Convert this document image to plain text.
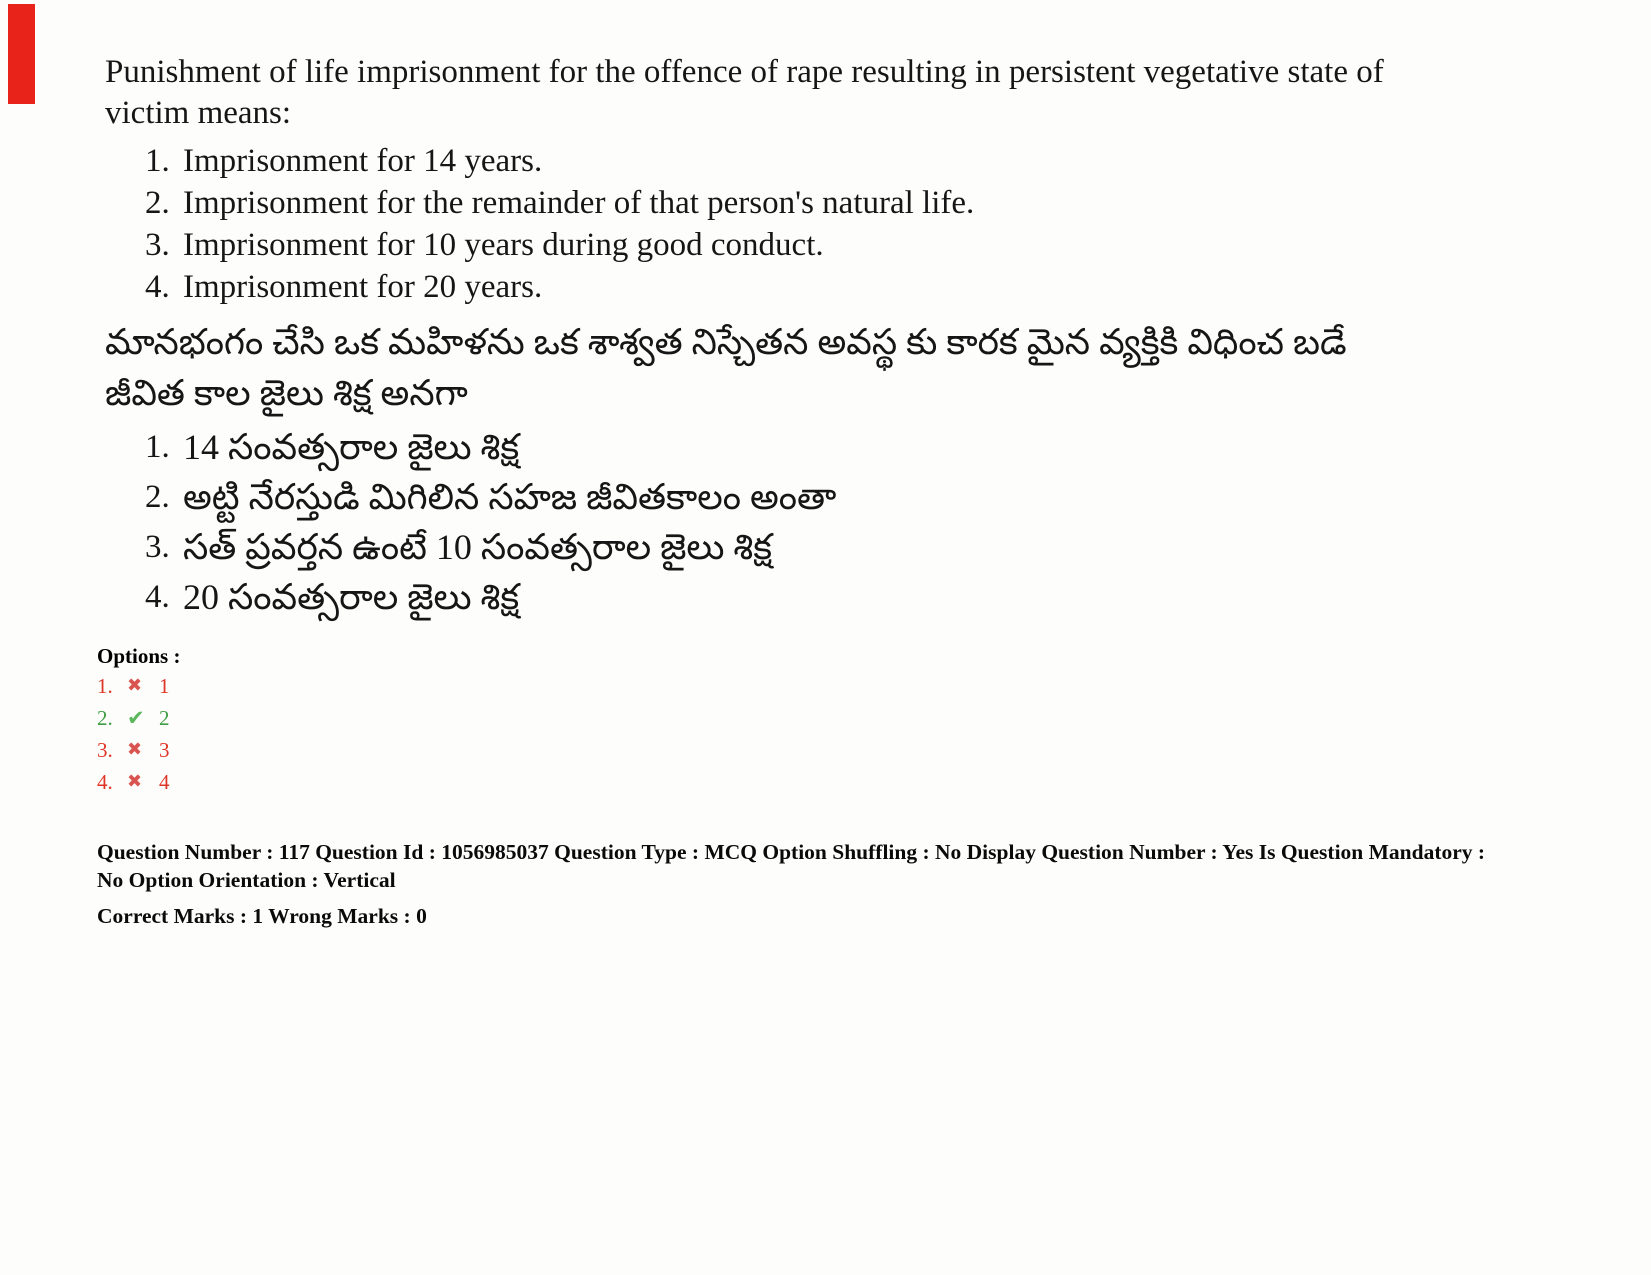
Punishment of life imprisonment for the offence of rape resulting in persistent vegetative state of
victim means:
1. Imprisonment for 14 years.
2. Imprisonment for the remainder of that person's natural life.
3. Imprisonment for 10 years during good conduct.
4. Imprisonment for 20 years.
మానభంగం చేసి ఒక మహిళను ఒక శాశ్వత నిస్చేతన అవస్థ కు కారక మైన వ్యక్తికి విధించ బడే
జీవిత కాల జైలు శిక్ష అనగా
1. 14 సంవత్సరాల జైలు శిక్ష
2. అట్టి నేరస్తుడి మిగిలిన సహజ జీవితకాలం అంతా
3. సత్ ప్రవర్తన ఉంటే 10 సంవత్సరాల జైలు శిక్ష
4. 20 సంవత్సరాల జైలు శిక్ష
Options :
1. ✖ 1
2. ✔ 2
3. ✖ 3
4. ✖ 4
Question Number : 117 Question Id : 1056985037 Question Type : MCQ Option Shuffling : No Display Question Number : Yes Is Question Mandatory :
No Option Orientation : Vertical
Correct Marks : 1 Wrong Marks : 0
